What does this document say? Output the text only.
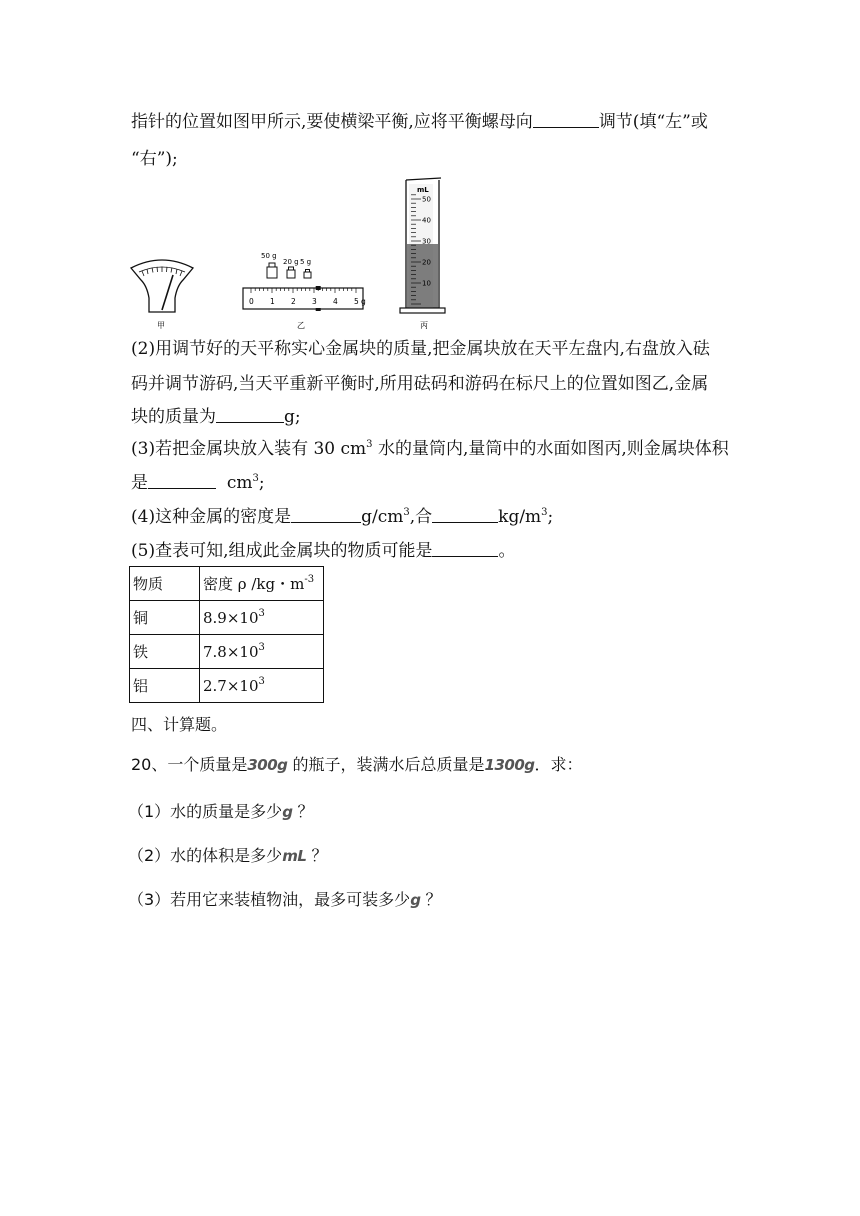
指针的位置如图甲所示,要使横梁平衡,应将平衡螺母向	调节(填“左”或
“右”);
甲
50 g
20 g 5 g
0 1 2 3 4 5 g
乙
mL
50
40
30
20
10
丙
(2)用调节好的天平称实心金属块的质量,把金属块放在天平左盘内,右盘放入砝
码并调节游码,当天平重新平衡时,所用砝码和游码在标尺上的位置如图乙,金属
块的质量为	g;
(3)若把金属块放入装有 30 $cm^3$ 水的量筒内,量筒中的水面如图丙,则金属块体积
是	$cm^3$;
(4)这种金属的密度是	$g/cm^3$,合	$kg/m^3$;
(5)查表可知,组成此金属块的物质可能是	。
物质	密度 ρ /kg・$m^{-3}$
铜	$8.9\times 10^3$
铁	$7.8\times 10^3$
铝	$2.7\times 10^3$
四、计算题。
20、一个质量是300g 的瓶子，装满水后总质量是1300g．求：
（1）水的质量是多少g ？
（2）水的体积是多少mL ？
（3）若用它来装植物油，最多可装多少g ？
